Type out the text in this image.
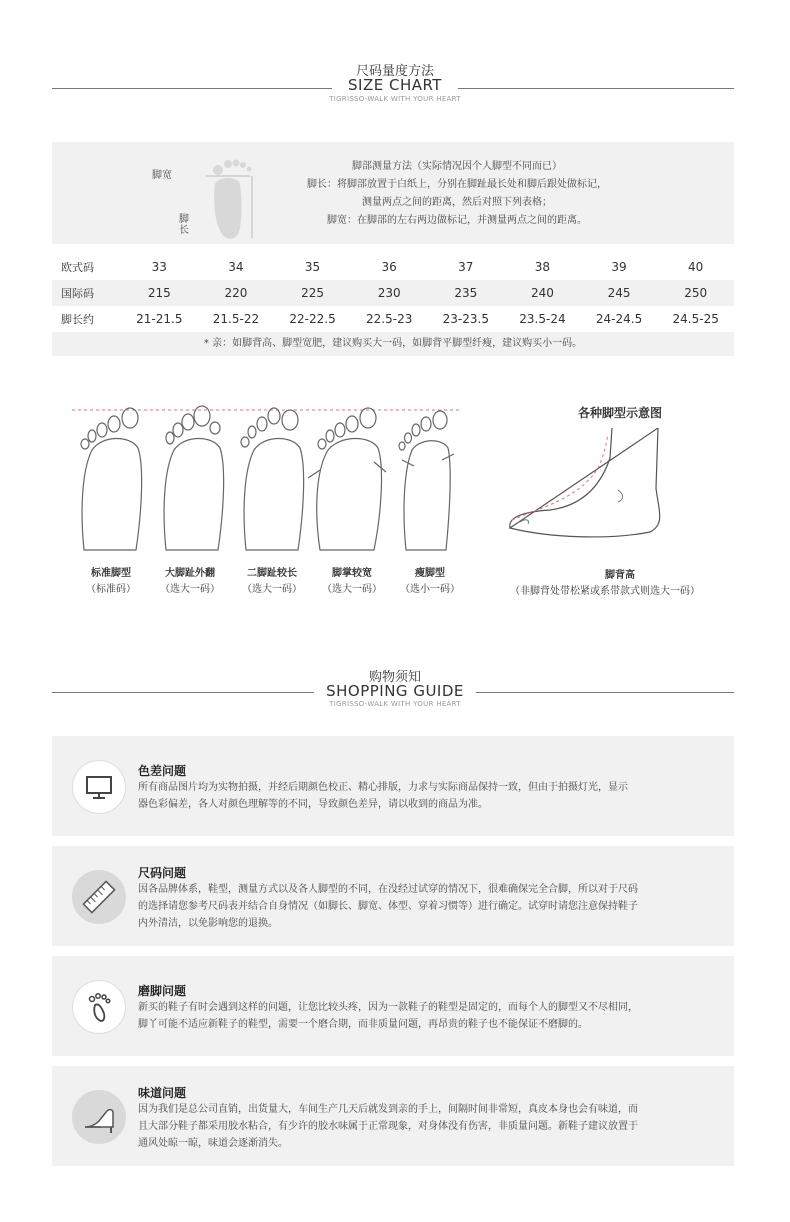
尺码量度方法
SIZE CHART
TIGRISSO-WALK WITH YOUR HEART
脚宽
脚长
脚部测量方法（实际情况因个人脚型不同而已）
脚长：将脚部放置于白纸上，分别在脚趾最长处和脚后跟处做标记，
测量两点之间的距离，然后对照下列表格；
脚宽：在脚部的左右两边做标记，并测量两点之间的距离。
欧式码	33	34	35	36	37	38	39	40
国际码	215	220	225	230	235	240	245	250
脚长约	21-21.5	21.5-22	22-22.5	22.5-23	23-23.5	23.5-24	24-24.5	24.5-25
* 亲：如脚背高、脚型宽肥，建议购买大一码，如脚背平脚型纤瘦，建议购买小一码。
标准脚型
（标准码）
大脚趾外翻
（选大一码）
二脚趾较长
（选大一码）
脚掌较宽
（选大一码）
瘦脚型
（选小一码）
各种脚型示意图
脚背高
（非脚背处带松紧或系带款式则选大一码）
购物须知
SHOPPING GUIDE
TIGRISSO-WALK WITH YOUR HEART
色差问题
所有商品图片均为实物拍摄，并经后期颜色校正、精心排版，力求与实际商品保持一致，但由于拍摄灯光，显示
器色彩偏差，各人对颜色理解等的不同，导致颜色差异，请以收到的商品为准。
尺码问题
因各品牌体系，鞋型，测量方式以及各人脚型的不同，在没经过试穿的情况下，很难确保完全合脚，所以对于尺码
的选择请您参考尺码表并结合自身情况（如脚长、脚宽、体型、穿着习惯等）进行确定。试穿时请您注意保持鞋子
内外清洁，以免影响您的退换。
磨脚问题
新买的鞋子有时会遇到这样的问题，让您比较头疼，因为一款鞋子的鞋型是固定的，而每个人的脚型又不尽相同，
脚丫可能不适应新鞋子的鞋型，需要一个磨合期，而非质量问题，再昂贵的鞋子也不能保证不磨脚的。
味道问题
因为我们是总公司直销，出货量大，车间生产几天后就发到亲的手上，间隔时间非常短，真皮本身也会有味道，而
且大部分鞋子都采用胶水粘合，有少许的胶水味属于正常现象，对身体没有伤害，非质量问题。新鞋子建议放置于
通风处晾一晾，味道会逐渐消失。
